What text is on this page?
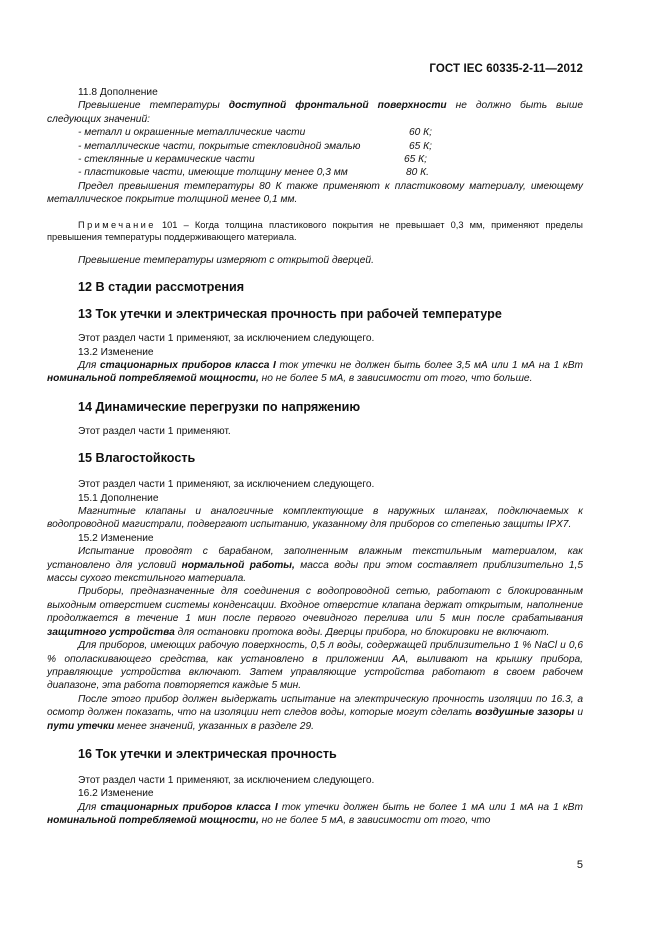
ГОСТ IEC 60335-2-11—2012

11.8 Дополнение

Превышение температуры доступной фронтальной поверхности не должно быть выше следующих значений:

- металл и окрашенные металлические части	60 К;
- металлические части, покрытые стекловидной эмалью	65 К;
- стеклянные и керамические части	65 К;
- пластиковые части, имеющие толщину менее 0,3 мм	80 К.

Предел превышения температуры 80 К также применяют к пластиковому материалу, имеющему металлическое покрытие толщиной менее 0,1 мм.

Примечание 101 – Когда толщина пластикового покрытия не превышает 0,3 мм, применяют пределы превышения температуры поддерживающего материала.

Превышение температуры измеряют с открытой дверцей.

12 В стадии рассмотрения
13 Ток утечки и электрическая прочность при рабочей температуре

Этот раздел части 1 применяют, за исключением следующего.

13.2 Изменение

Для стационарных приборов класса I ток утечки не должен быть более 3,5 мА или 1 мА на 1 кВт номинальной потребляемой мощности, но не более 5 мА, в зависимости от того, что больше.

14 Динамические перегрузки по напряжению

Этот раздел части 1 применяют.

15 Влагостойкость

Этот раздел части 1 применяют, за исключением следующего.

15.1 Дополнение

Магнитные клапаны и аналогичные комплектующие в наружных шлангах, подключаемых к водопроводной магистрали, подвергают испытанию, указанному для приборов со степенью защиты IPX7.

15.2 Изменение

Испытание проводят с барабаном, заполненным влажным текстильным материалом, как установлено для условий нормальной работы, масса воды при этом составляет приблизительно 1,5 массы сухого текстильного материала.

Приборы, предназначенные для соединения с водопроводной сетью, работают с блокированным выходным отверстием системы конденсации. Входное отверстие клапана держат открытым, наполнение продолжается в течение 1 мин после первого очевидного перелива или 5 мин после срабатывания защитного устройства для остановки протока воды. Дверцы прибора, но блокировки не включают.

Для приборов, имеющих рабочую поверхность, 0,5 л воды, содержащей приблизительно 1 % NaCl и 0,6 % ополаскивающего средства, как установлено в приложении АА, выливают на крышку прибора, управляющие устройства включают. Затем управляющие устройства работают в своем рабочем диапазоне, эта работа повторяется каждые 5 мин.

После этого прибор должен выдержать испытание на электрическую прочность изоляции по 16.3, а осмотр должен показать, что на изоляции нет следов воды, которые могут сделать воздушные зазоры и пути утечки менее значений, указанных в разделе 29.

16 Ток утечки и электрическая прочность

Этот раздел части 1 применяют, за исключением следующего.

16.2 Изменение

Для стационарных приборов класса I ток утечки должен быть не более 1 мА или 1 мА на 1 кВт номинальной потребляемой мощности, но не более 5 мА, в зависимости от того, что

5
